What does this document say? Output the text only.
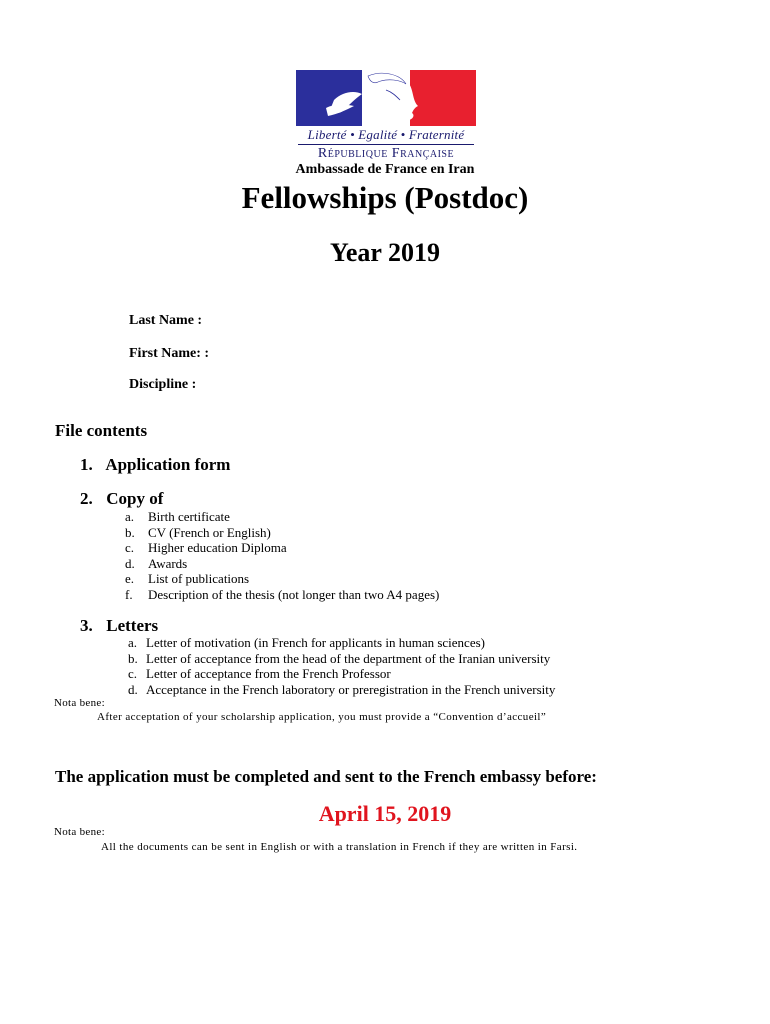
Liberté • Egalité • Fraternité
République Française
Ambassade de France en Iran
Fellowships (Postdoc)
Year 2019
Last Name :
First Name: :
Discipline :
File contents
1. Application form
2. Copy of
a. Birth certificate
b. CV (French or English)
c. Higher education Diploma
d. Awards
e. List of publications
f. Description of the thesis (not longer than two A4 pages)
3. Letters
a. Letter of motivation (in French for applicants in human sciences)
b. Letter of acceptance from the head of the department of the Iranian university
c. Letter of acceptance from the French Professor
d. Acceptance in the French laboratory or preregistration in the French university
Nota bene:
After acceptation of your scholarship application, you must provide a “Convention d’accueil”
The application must be completed and sent to the French embassy before:
April 15, 2019
Nota bene:
All the documents can be sent in English or with a translation in French if they are written in Farsi.
